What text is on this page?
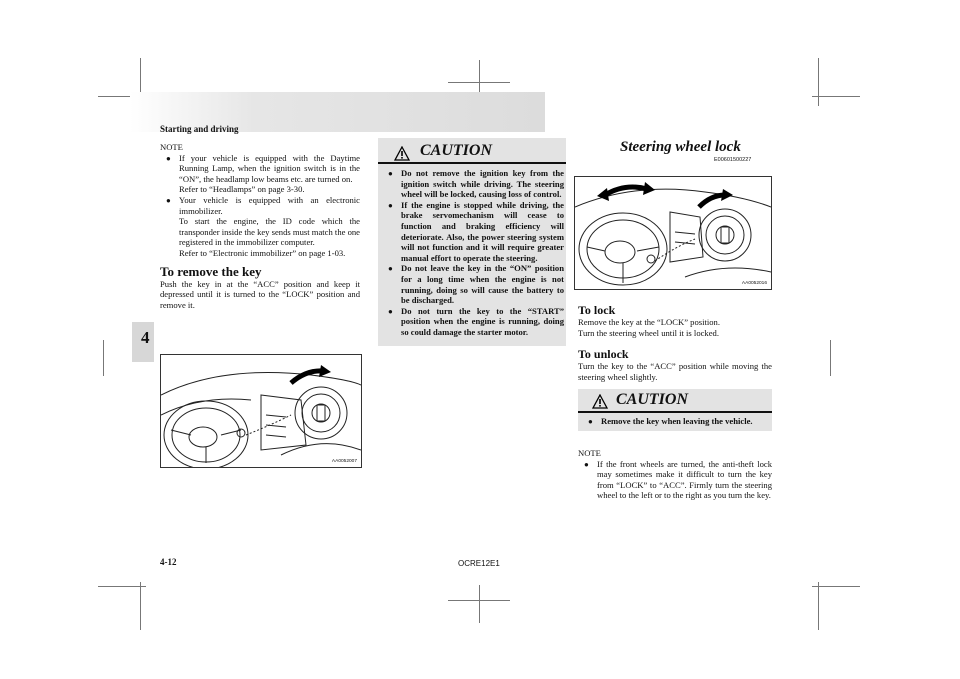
Starting and driving
4
NOTE
● If your vehicle is equipped with the Daytime Running Lamp, when the ignition switch is in the “ON”, the headlamp low beams etc. are turned on.
Refer to “Headlamps” on page 3-30.
● Your vehicle is equipped with an electronic immobilizer.
To start the engine, the ID code which the transponder inside the key sends must match the one registered in the immobilizer computer.
Refer to “Electronic immobilizer” on page 1-03.
To remove the key
Push the key in at the “ACC” position and keep it depressed until it is turned to the “LOCK” position and remove it.
AA0052007
CAUTION
● Do not remove the ignition key from the ignition switch while driving. The steering wheel will be locked, causing loss of control.
● If the engine is stopped while driving, the brake servomechanism will cease to function and braking efficiency will deteriorate. Also, the power steering system will not function and it will require greater manual effort to operate the steering.
● Do not leave the key in the “ON” position for a long time when the engine is not running, doing so will cause the battery to be discharged.
● Do not turn the key to the “START” position when the engine is running, doing so could damage the starter motor.
Steering wheel lock
E00601500227
AA0052016
To lock
Remove the key at the “LOCK” position.
Turn the steering wheel until it is locked.
To unlock
Turn the key to the “ACC” position while moving the steering wheel slightly.
CAUTION
● Remove the key when leaving the vehicle.
NOTE
● If the front wheels are turned, the anti-theft lock may sometimes make it difficult to turn the key from “LOCK” to “ACC”. Firmly turn the steering wheel to the left or to the right as you turn the key.
4-12	OCRE12E1
